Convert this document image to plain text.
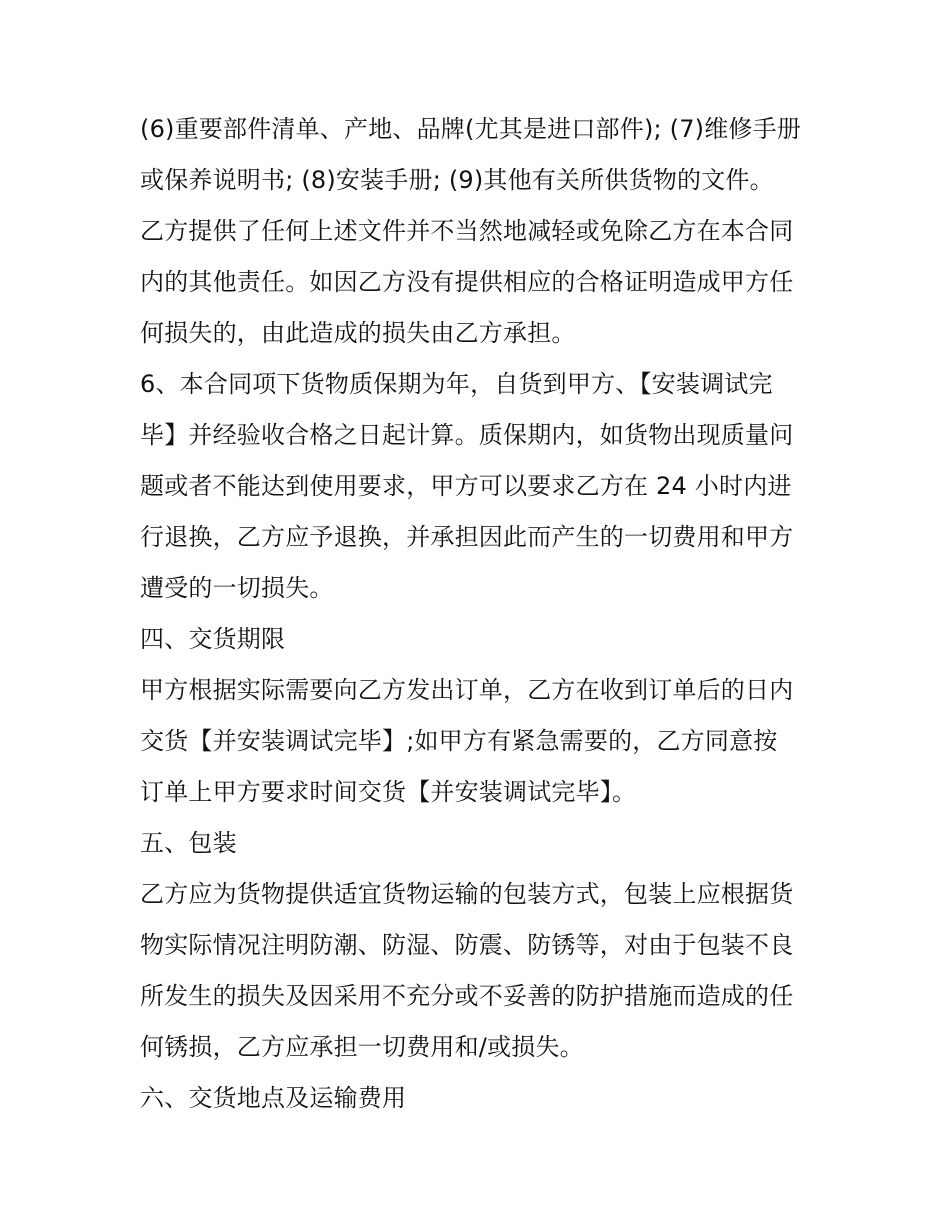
(6)重要部件清单、产地、品牌(尤其是进口部件); (7)维修手册
或保养说明书; (8)安装手册; (9)其他有关所供货物的文件。
乙方提供了任何上述文件并不当然地减轻或免除乙方在本合同
内的其他责任。如因乙方没有提供相应的合格证明造成甲方任
何损失的，由此造成的损失由乙方承担。
6、本合同项下货物质保期为年，自货到甲方、【安装调试完
毕】并经验收合格之日起计算。质保期内，如货物出现质量问
题或者不能达到使用要求，甲方可以要求乙方在 24 小时内进
行退换，乙方应予退换，并承担因此而产生的一切费用和甲方
遭受的一切损失。
四、交货期限
甲方根据实际需要向乙方发出订单，乙方在收到订单后的日内
交货【并安装调试完毕】;如甲方有紧急需要的，乙方同意按
订单上甲方要求时间交货【并安装调试完毕】。
五、包装
乙方应为货物提供适宜货物运输的包装方式，包装上应根据货
物实际情况注明防潮、防湿、防震、防锈等，对由于包装不良
所发生的损失及因采用不充分或不妥善的防护措施而造成的任
何锈损，乙方应承担一切费用和/或损失。
六、交货地点及运输费用
